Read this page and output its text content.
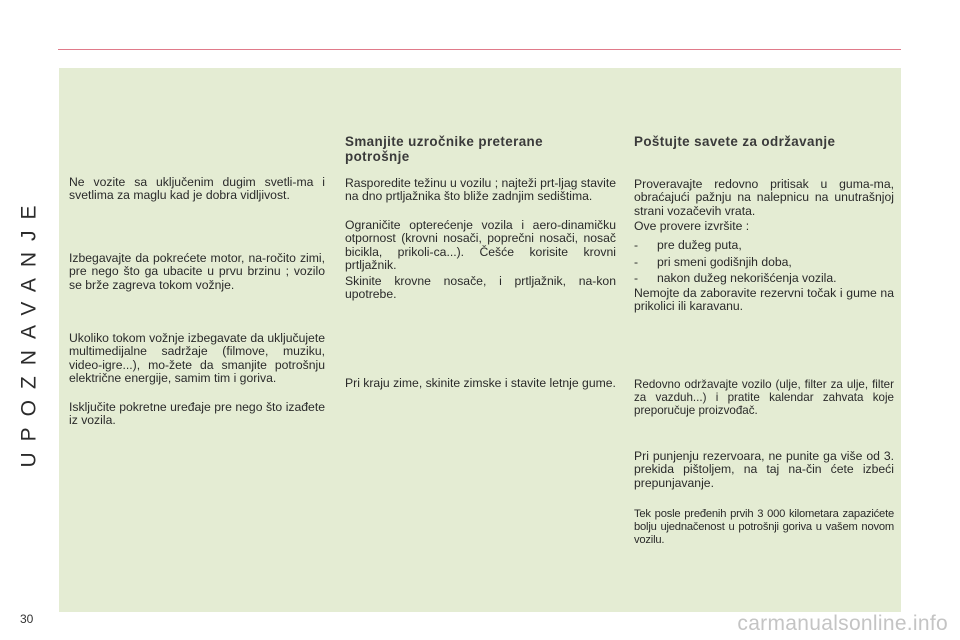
UPOZNAVANJE

Ne vozite sa uključenim dugim svetli-ma i svetlima za maglu kad je dobra vidljivost.

Izbegavajte da pokrećete motor, na-ročito zimi, pre nego što ga ubacite u prvu brzinu ; vozilo se brže zagreva tokom vožnje.

Ukoliko tokom vožnje izbegavate da uključujete multimedijalne sadržaje (filmove, muziku, video-igre...), mo-žete da smanjite potrošnju električne energije, samim tim i goriva.

Isključite pokretne uređaje pre nego što izađete iz vozila.

Smanjite uzročnike preterane potrošnje

Rasporedite težinu u vozilu ; najteži prt-ljag stavite na dno prtljažnika što bliže zadnjim sedištima.

Ograničite opterećenje vozila i aero-dinamičku otpornost (krovni nosači, poprečni nosači, nosač bicikla, prikoli-ca...). Češće korisite krovni prtljažnik.

Skinite krovne nosače, i prtljažnik, na-kon upotrebe.

Pri kraju zime, skinite zimske i stavite letnje gume.

Poštujte savete za održavanje

Proveravajte redovno pritisak u guma-ma, obraćajući pažnju na nalepnicu na unutrašnjoj strani vozačevih vrata.

Ove provere izvršite :

-	pre dužeg puta,
-	pri smeni godišnjih doba,
-	nakon dužeg nekorišćenja vozila.

Nemojte da zaboravite rezervni točak i gume na prikolici ili karavanu.

Redovno održavajte vozilo (ulje, filter za ulje, filter za vazduh...) i pratite kalendar zahvata koje preporučuje proizvođač.

Pri punjenju rezervoara, ne punite ga više od 3. prekida pištoljem, na taj na-čin ćete izbeći prepunjavanje.

Tek posle pređenih prvih 3 000 kilometara zapazićete bolju ujednačenost u potrošnji goriva u vašem novom vozilu.

30	carmanualsonline.info
